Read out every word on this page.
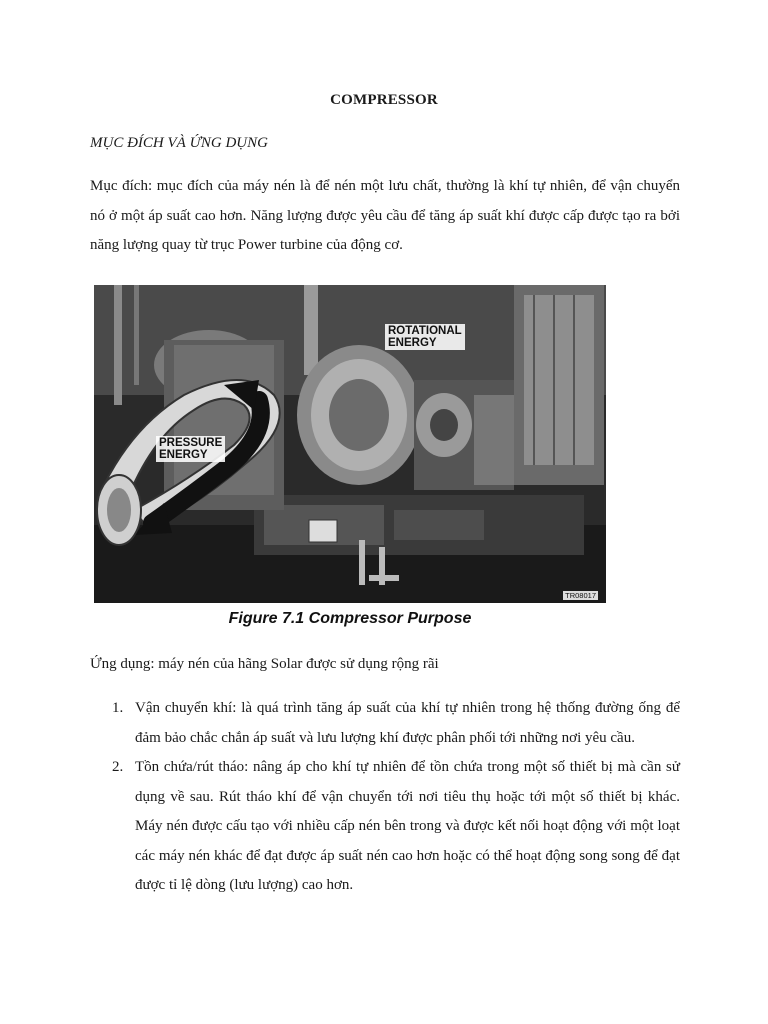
COMPRESSOR
MỤC ĐÍCH VÀ ỨNG DỤNG

Mục đích: mục đích của máy nén là để nén một lưu chất, thường là khí tự nhiên, để vận chuyển nó ở một áp suất cao hơn. Năng lượng được yêu cầu để tăng áp suất khí được cấp được tạo ra bởi năng lượng quay từ trục Power turbine của động cơ.

ROTATIONAL
ENERGY
PRESSURE
ENERGY
TR08017
Figure 7.1 Compressor Purpose
Ứng dụng: máy nén của hãng Solar được sử dụng rộng rãi
1. Vận chuyển khí: là quá trình tăng áp suất của khí tự nhiên trong hệ thống đường ống để đảm bảo chắc chắn áp suất và lưu lượng khí được phân phối tới những nơi yêu cầu.
2. Tồn chứa/rút tháo: nâng áp cho khí tự nhiên để tồn chứa trong một số thiết bị mà cần sử dụng về sau. Rút tháo khí để vận chuyển tới nơi tiêu thụ hoặc tới một số thiết bị khác. Máy nén được cấu tạo với nhiều cấp nén bên trong và được kết nối hoạt động với một loạt các máy nén khác để đạt được áp suất nén cao hơn hoặc có thể hoạt động song song để đạt được tỉ lệ dòng (lưu lượng) cao hơn.
